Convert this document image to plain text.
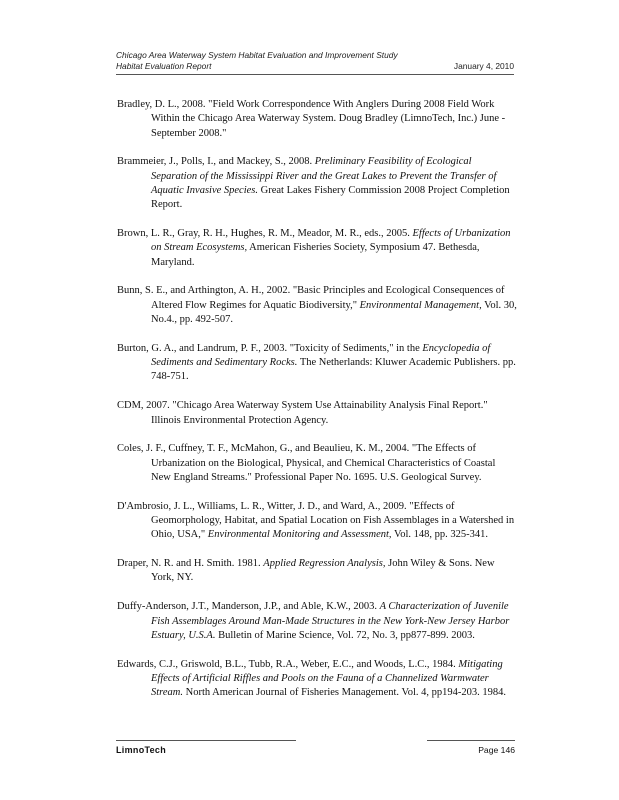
Chicago Area Waterway System Habitat Evaluation and Improvement Study
Habitat Evaluation Report	January 4, 2010

Bradley, D. L., 2008. "Field Work Correspondence With Anglers During 2008 Field Work Within the Chicago Area Waterway System. Doug Bradley (LimnoTech, Inc.) June - September 2008."

Brammeier, J., Polls, I., and Mackey, S., 2008. Preliminary Feasibility of Ecological Separation of the Mississippi River and the Great Lakes to Prevent the Transfer of Aquatic Invasive Species. Great Lakes Fishery Commission 2008 Project Completion Report.

Brown, L. R., Gray, R. H., Hughes, R. M., Meador, M. R., eds., 2005. Effects of Urbanization on Stream Ecosystems, American Fisheries Society, Symposium 47. Bethesda, Maryland.

Bunn, S. E., and Arthington, A. H., 2002. "Basic Principles and Ecological Consequences of Altered Flow Regimes for Aquatic Biodiversity," Environmental Management, Vol. 30, No.4., pp. 492-507.

Burton, G. A., and Landrum, P. F., 2003. "Toxicity of Sediments," in the Encyclopedia of Sediments and Sedimentary Rocks. The Netherlands: Kluwer Academic Publishers. pp. 748-751.

CDM, 2007. "Chicago Area Waterway System Use Attainability Analysis Final Report." Illinois Environmental Protection Agency.

Coles, J. F., Cuffney, T. F., McMahon, G., and Beaulieu, K. M., 2004. "The Effects of Urbanization on the Biological, Physical, and Chemical Characteristics of Coastal New England Streams." Professional Paper No. 1695. U.S. Geological Survey.

D'Ambrosio, J. L., Williams, L. R., Witter, J. D., and Ward, A., 2009. "Effects of Geomorphology, Habitat, and Spatial Location on Fish Assemblages in a Watershed in Ohio, USA," Environmental Monitoring and Assessment, Vol. 148, pp. 325-341.

Draper, N. R. and H. Smith. 1981. Applied Regression Analysis, John Wiley & Sons. New York, NY.

Duffy-Anderson, J.T., Manderson, J.P., and Able, K.W., 2003. A Characterization of Juvenile Fish Assemblages Around Man-Made Structures in the New York-New Jersey Harbor Estuary, U.S.A. Bulletin of Marine Science, Vol. 72, No. 3, pp877-899. 2003.

Edwards, C.J., Griswold, B.L., Tubb, R.A., Weber, E.C., and Woods, L.C., 1984. Mitigating Effects of Artificial Riffles and Pools on the Fauna of a Channelized Warmwater Stream. North American Journal of Fisheries Management. Vol. 4, pp194-203. 1984.

LimnoTech	Page 146
